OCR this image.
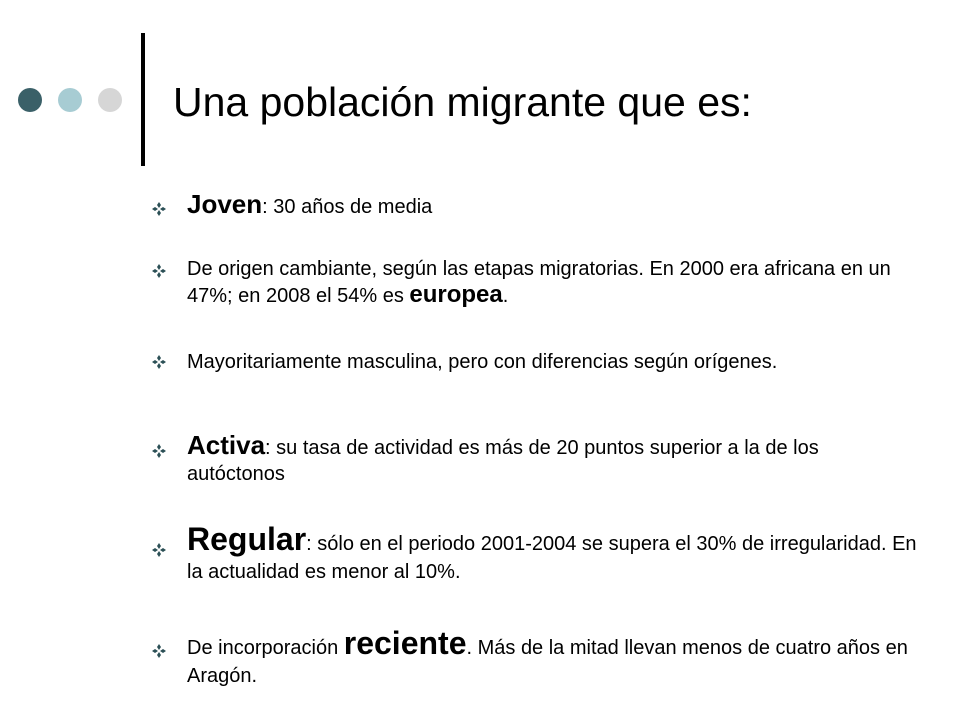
Una población migrante que es:
Joven: 30 años de media
De origen cambiante, según las etapas migratorias. En 2000 era africana en un 47%; en 2008 el 54% es europea.
Mayoritariamente masculina, pero con diferencias según orígenes.
Activa: su tasa de actividad es más de 20 puntos superior a la de los autóctonos
Regular: sólo en el periodo 2001-2004 se supera el 30% de irregularidad. En la actualidad es menor al 10%.
De incorporación reciente. Más de la mitad llevan menos de cuatro años en Aragón.
